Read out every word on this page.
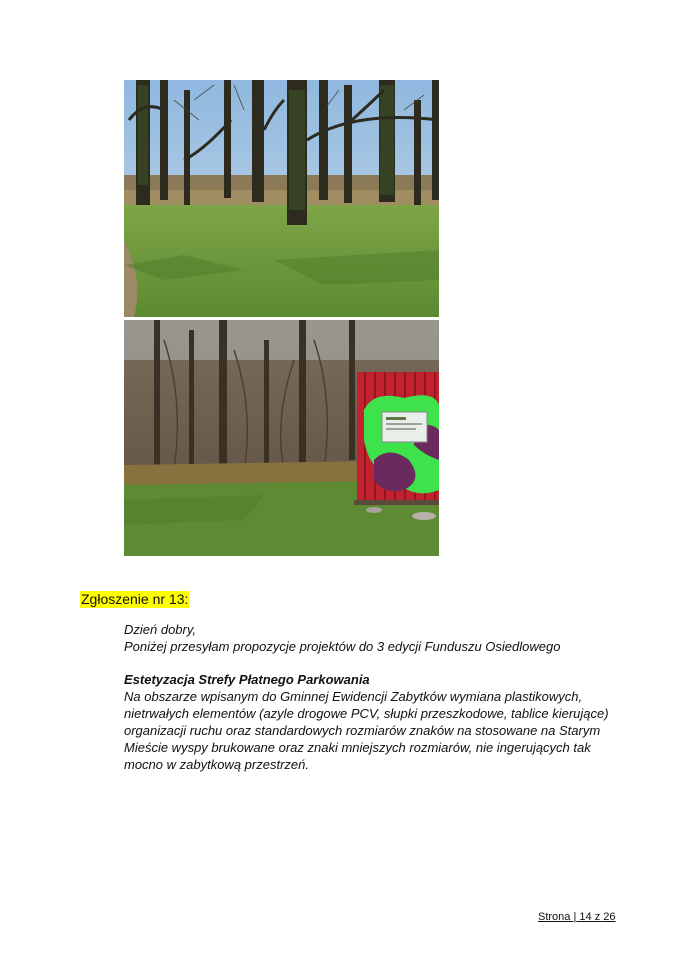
Zgłoszenie nr 13:

Dzień dobry,

Poniżej przesyłam propozycje projektów do 3 edycji Funduszu Osiedlowego

Estetyzacja Strefy Płatnego Parkowania

Na obszarze wpisanym do Gminnej Ewidencji Zabytków wymiana plastikowych,

nietrwałych elementów (azyle drogowe PCV, słupki przeszkodowe, tablice kierujące)

organizacji ruchu oraz standardowych rozmiarów znaków na stosowane na Starym

Mieście wyspy brukowane oraz znaki mniejszych rozmiarów, nie ingerujących tak

mocno w zabytkową przestrzeń.

Strona | 14 z 26
